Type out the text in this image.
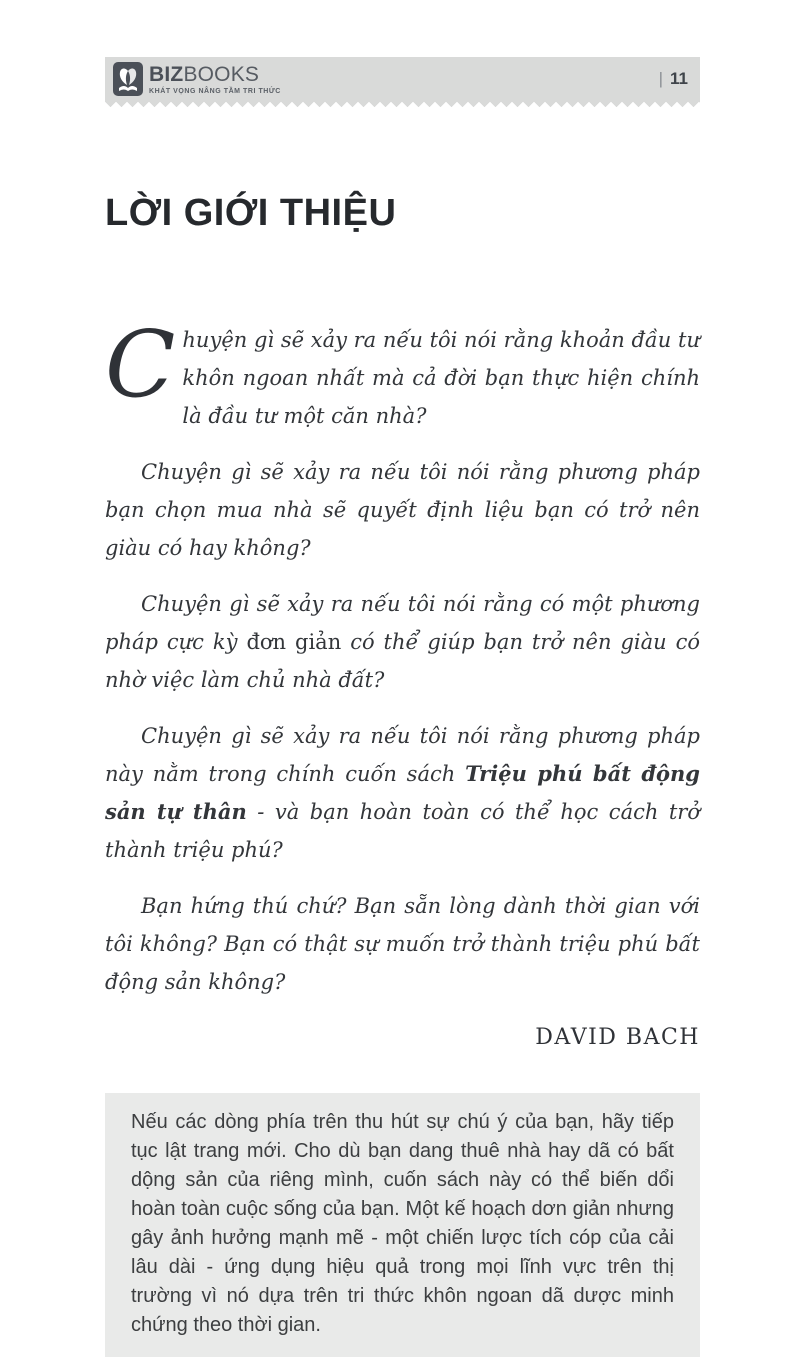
BIZBOOKS
KHÁT VỌNG NÂNG TẦM TRI THỨC
| 11
LỜI GIỚI THIỆU

Chuyện gì sẽ xảy ra nếu tôi nói rằng khoản đầu tư khôn ngoan nhất mà cả đời bạn thực hiện chính là đầu tư một căn nhà?

Chuyện gì sẽ xảy ra nếu tôi nói rằng phương pháp bạn chọn mua nhà sẽ quyết định liệu bạn có trở nên giàu có hay không?

Chuyện gì sẽ xảy ra nếu tôi nói rằng có một phương pháp cực kỳ đơn giản có thể giúp bạn trở nên giàu có nhờ việc làm chủ nhà đất?

Chuyện gì sẽ xảy ra nếu tôi nói rằng phương pháp này nằm trong chính cuốn sách Triệu phú bất động sản tự thân - và bạn hoàn toàn có thể học cách trở thành triệu phú?

Bạn hứng thú chứ? Bạn sẵn lòng dành thời gian với tôi không? Bạn có thật sự muốn trở thành triệu phú bất động sản không?

DAVID BACH

Nếu các dòng phía trên thu hút sự chú ý của bạn, hãy tiếp tục lật trang mới. Cho dù bạn dang thuê nhà hay dã có bất dộng sản của riêng mình, cuốn sách này có thể biến dổi hoàn toàn cuộc sống của bạn. Một kế hoạch dơn giản nhưng gây ảnh hưởng mạnh mẽ - một chiến lược tích cóp của cải lâu dài - ứng dụng hiệu quả trong mọi lĩnh vực trên thị trường vì nó dựa trên tri thức khôn ngoan dã dược minh chứng theo thời gian.
